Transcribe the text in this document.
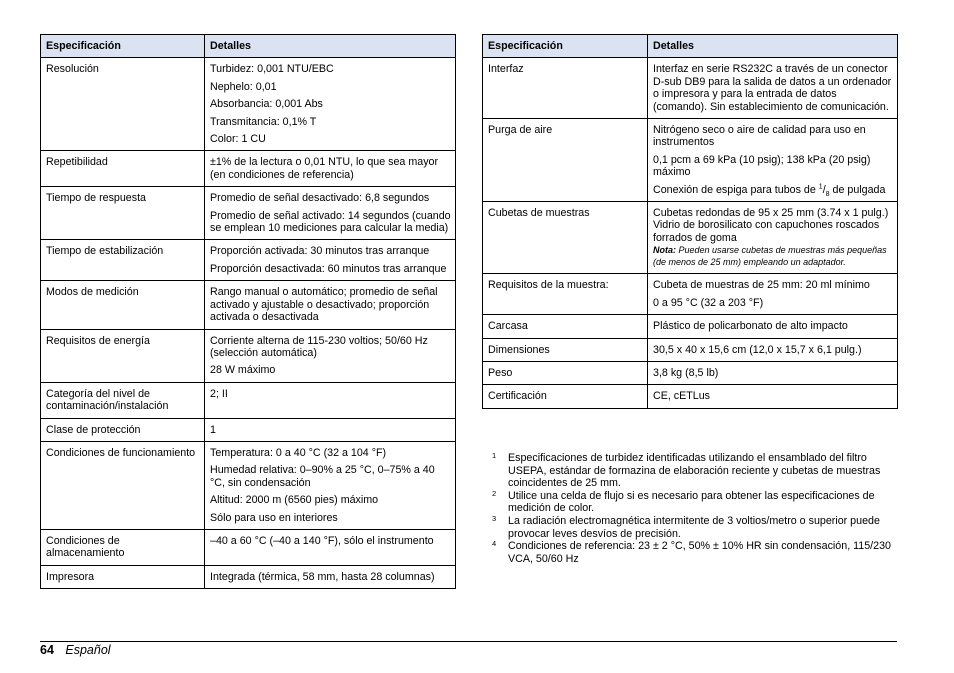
Especificación	Detalles
Resolución	Turbidez: 0,001 NTU/EBC

Nephelo: 0,01

Absorbancia: 0,001 Abs

Transmitancia: 0,1% T

Color: 1 CU

Repetibilidad	±1% de la lectura o 0,01 NTU, lo que sea mayor (en condiciones de referencia)

Tiempo de respuesta	Promedio de señal desactivado: 6,8 segundos

Promedio de señal activado: 14 segundos (cuando se emplean 10 mediciones para calcular la media)

Tiempo de estabilización	Proporción activada: 30 minutos tras arranque

Proporción desactivada: 60 minutos tras arranque

Modos de medición	Rango manual o automático; promedio de señal activado y ajustable o desactivado; proporción activada o desactivada

Requisitos de energía	Corriente alterna de 115-230 voltios; 50/60 Hz (selección automática)

28 W máximo

Categoría del nivel de contaminación/instalación	2; II

Clase de protección	1

Condiciones de funcionamiento	Temperatura: 0 a 40 °C (32 a 104 °F)

Humedad relativa: 0–90% a 25 °C, 0–75% a 40 °C, sin condensación

Altitud: 2000 m (6560 pies) máximo

Sólo para uso en interiores

Condiciones de almacenamiento	–40 a 60 °C (–40 a 140 °F), sólo el instrumento

Impresora	Integrada (térmica, 58 mm, hasta 28 columnas)

Especificación	Detalles
Interfaz	Interfaz en serie RS232C a través de un conector D-sub DB9 para la salida de datos a un ordenador o impresora y para la entrada de datos (comando). Sin establecimiento de comunicación.

Purga de aire	Nitrógeno seco o aire de calidad para uso en instrumentos

0,1 pcm a 69 kPa (10 psig); 138 kPa (20 psig) máximo

Conexión de espiga para tubos de $^1/_8$ de pulgada

Cubetas de muestras	Cubetas redondas de 95 x 25 mm (3.74 x 1 pulg.) Vidrio de borosilicato con capuchones roscados forrados de goma

Nota: Pueden usarse cubetas de muestras más pequeñas (de menos de 25 mm) empleando un adaptador.

Requisitos de la muestra:	Cubeta de muestras de 25 mm: 20 ml mínimo

0 a 95 °C (32 a 203 °F)

Carcasa	Plástico de policarbonato de alto impacto

Dimensiones	30,5 x 40 x 15,6 cm (12,0 x 15,7 x 6,1 pulg.)

Peso	3,8 kg (8,5 lb)

Certificación	CE, cETLus

1 Especificaciones de turbidez identificadas utilizando el ensamblado del filtro USEPA, estándar de formazina de elaboración reciente y cubetas de muestras coincidentes de 25 mm.
2 Utilice una celda de flujo si es necesario para obtener las especificaciones de medición de color.
3 La radiación electromagnética intermitente de 3 voltios/metro o superior puede provocar leves desvíos de precisión.
4 Condiciones de referencia: 23 ± 2 °C, 50% ± 10% HR sin condensación, 115/230 VCA, 50/60 Hz
64 Español
